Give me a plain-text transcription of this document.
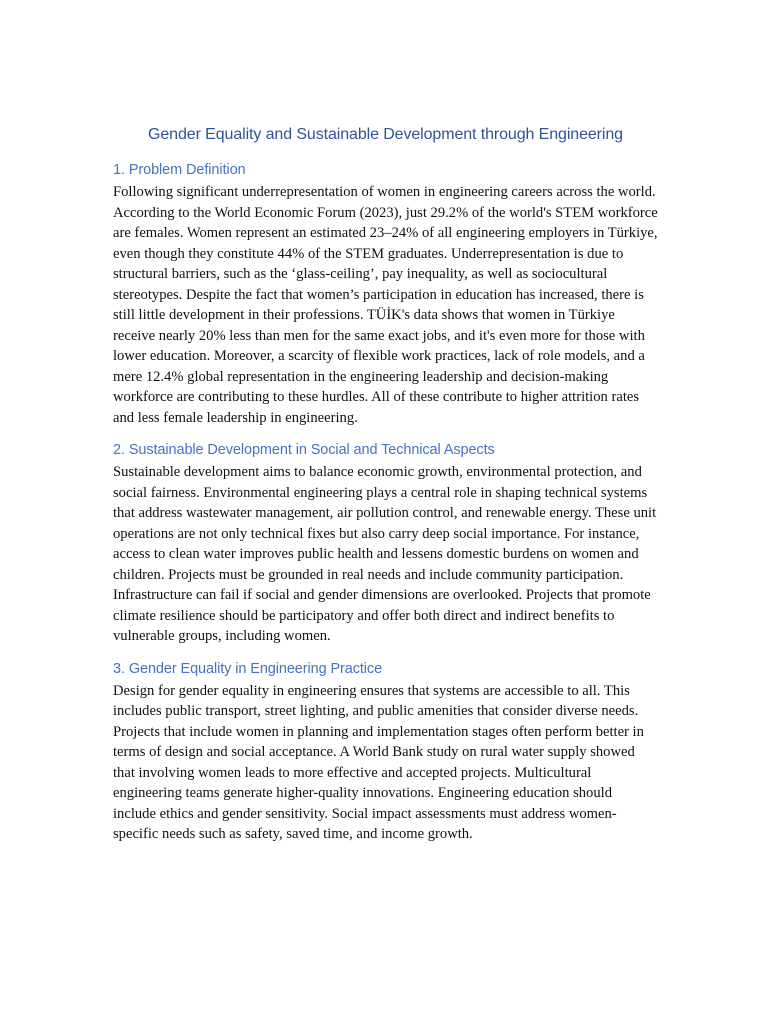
Gender Equality and Sustainable Development through Engineering
1. Problem Definition

Following significant underrepresentation of women in engineering careers across the world. According to the World Economic Forum (2023), just 29.2% of the world's STEM workforce are females. Women represent an estimated 23–24% of all engineering employers in Türkiye, even though they constitute 44% of the STEM graduates. Underrepresentation is due to structural barriers, such as the ‘glass-ceiling’, pay inequality, as well as sociocultural stereotypes. Despite the fact that women’s participation in education has increased, there is still little development in their professions. TÜİK's data shows that women in Türkiye receive nearly 20% less than men for the same exact jobs, and it's even more for those with lower education. Moreover, a scarcity of flexible work practices, lack of role models, and a mere 12.4% global representation in the engineering leadership and decision-making workforce are contributing to these hurdles. All of these contribute to higher attrition rates and less female leadership in engineering.

2. Sustainable Development in Social and Technical Aspects

Sustainable development aims to balance economic growth, environmental protection, and social fairness. Environmental engineering plays a central role in shaping technical systems that address wastewater management, air pollution control, and renewable energy. These unit operations are not only technical fixes but also carry deep social importance. For instance, access to clean water improves public health and lessens domestic burdens on women and children. Projects must be grounded in real needs and include community participation. Infrastructure can fail if social and gender dimensions are overlooked. Projects that promote climate resilience should be participatory and offer both direct and indirect benefits to vulnerable groups, including women.

3. Gender Equality in Engineering Practice

Design for gender equality in engineering ensures that systems are accessible to all. This includes public transport, street lighting, and public amenities that consider diverse needs. Projects that include women in planning and implementation stages often perform better in terms of design and social acceptance. A World Bank study on rural water supply showed that involving women leads to more effective and accepted projects. Multicultural engineering teams generate higher-quality innovations. Engineering education should include ethics and gender sensitivity. Social impact assessments must address women-specific needs such as safety, saved time, and income growth.
